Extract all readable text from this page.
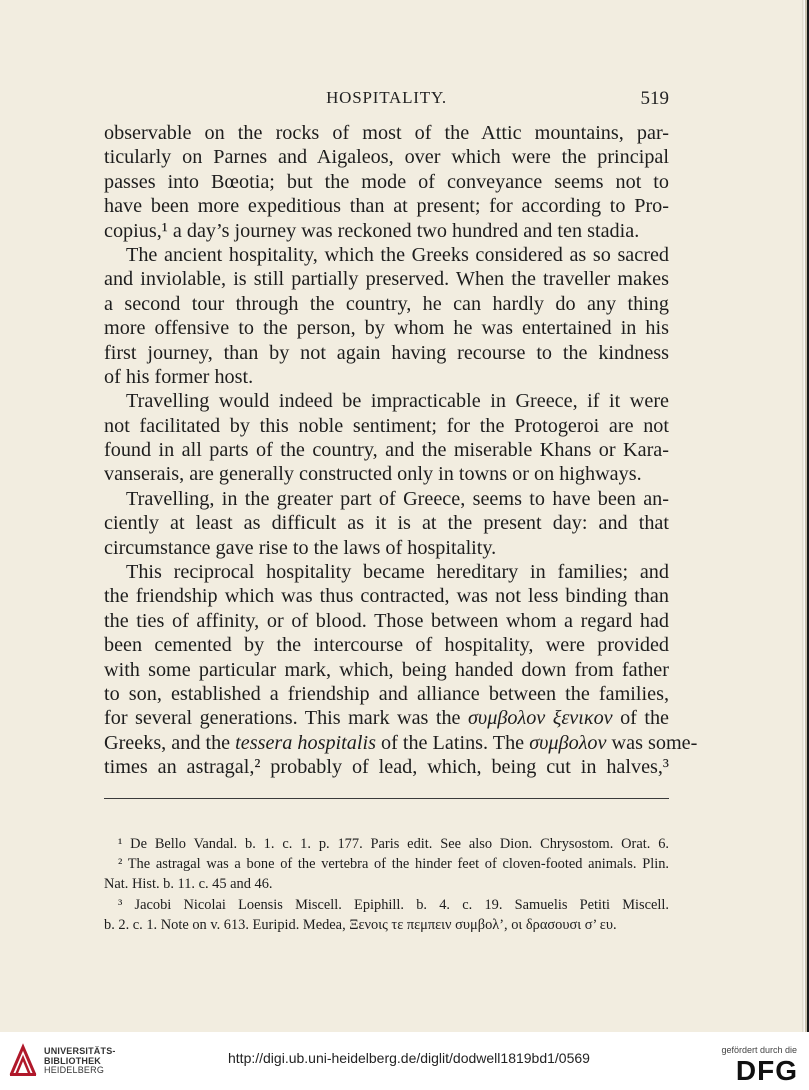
HOSPITALITY.	519
observable on the rocks of most of the Attic mountains, par-
ticularly on Parnes and Aigaleos, over which were the principal
passes into Bœotia; but the mode of conveyance seems not to
have been more expeditious than at present; for according to Pro-
copius,¹ a day’s journey was reckoned two hundred and ten stadia.
The ancient hospitality, which the Greeks considered as so sacred
and inviolable, is still partially preserved. When the traveller makes
a second tour through the country, he can hardly do any thing
more offensive to the person, by whom he was entertained in his
first journey, than by not again having recourse to the kindness
of his former host.
Travelling would indeed be impracticable in Greece, if it were
not facilitated by this noble sentiment; for the Protogeroi are not
found in all parts of the country, and the miserable Khans or Kara-
vanserais, are generally constructed only in towns or on highways.
Travelling, in the greater part of Greece, seems to have been an-
ciently at least as difficult as it is at the present day: and that
circumstance gave rise to the laws of hospitality.
This reciprocal hospitality became hereditary in families; and
the friendship which was thus contracted, was not less binding than
the ties of affinity, or of blood. Those between whom a regard had
been cemented by the intercourse of hospitality, were provided
with some particular mark, which, being handed down from father
to son, established a friendship and alliance between the families,
for several generations. This mark was the συμβολον ξενικον of the
Greeks, and the tessera hospitalis of the Latins. The συμβολον was some-
times an astragal,² probably of lead, which, being cut in halves,³
¹ De Bello Vandal. b. 1. c. 1. p. 177. Paris edit. See also Dion. Chrysostom. Orat. 6.
² The astragal was a bone of the vertebra of the hinder feet of cloven-footed animals. Plin.
Nat. Hist. b. 11. c. 45 and 46.
³ Jacobi Nicolai Loensis Miscell. Epiphill. b. 4. c. 19. Samuelis Petiti Miscell.
b. 2. c. 1. Note on v. 613. Euripid. Medea, Ξενοις τε πεμπειν συμβολ’, οι δρασουσι σ’ ευ.
UNIVERSITÄTS-
BIBLIOTHEK
HEIDELBERG
http://digi.ub.uni-heidelberg.de/diglit/dodwell1819bd1/0569	gefördert durch die
DFG
